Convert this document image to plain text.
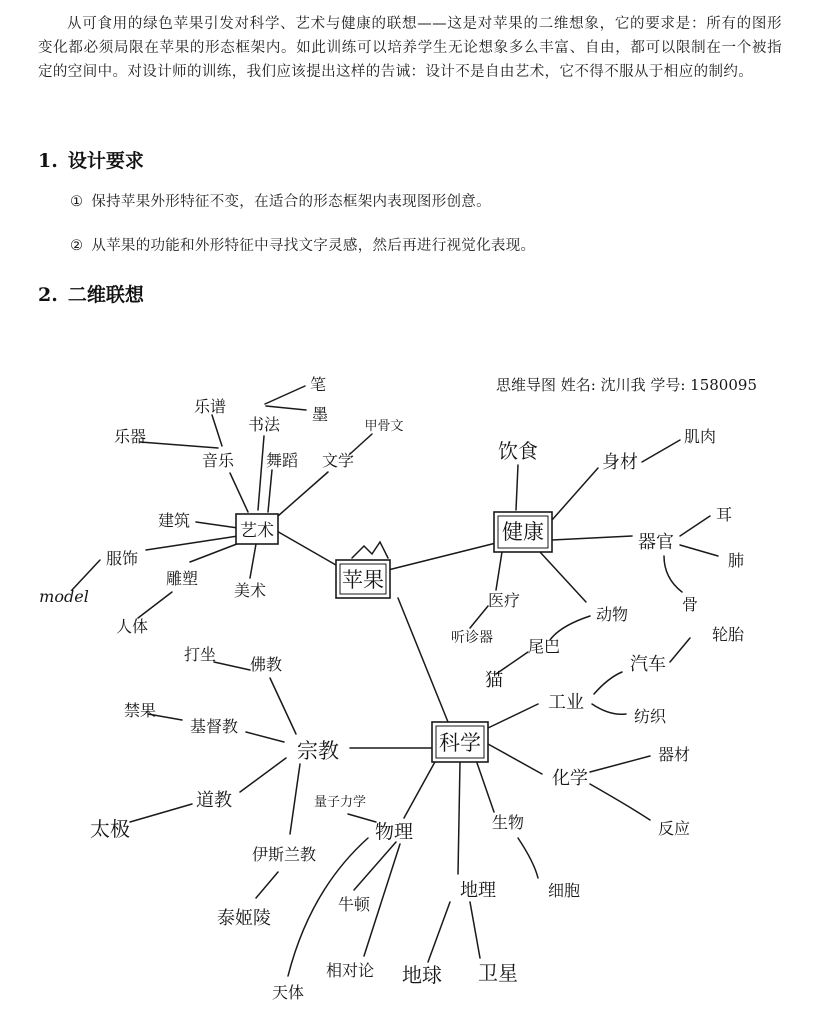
从可食用的绿色苹果引发对科学、艺术与健康的联想——这是对苹果的二维想象，它的要求是：所有的图形变化都必须局限在苹果的形态框架内。如此训练可以培养学生无论想象多么丰富、自由，都可以限制在一个被指定的空间中。对设计师的训练，我们应该提出这样的告诫：设计不是自由艺术，它不得不服从于相应的制约。

1. 设计要求

① 保持苹果外形特征不变，在适合的形态框架内表现图形创意。

② 从苹果的功能和外形特征中寻找文字灵感，然后再进行视觉化表现。

2. 二维联想
思维导图 姓名: 沈川我 学号: 1580095
苹果
艺术	健康
科学
宗教
音乐
乐器
乐谱
书法
笔
墨
舞蹈 文学
甲骨文
建筑
服饰
model
雕塑
人体
美术
饮食	身材
肌肉
器官
耳
肺
骨
医疗
听诊器
动物
尾巴
猫
工业
汽车
轮胎
纺织
化学
器材
反应
生物
细胞
地理
地球 卫星
物理
量子力学
牛顿
相对论
天体
佛教
打坐
基督教
禁果
道教
太极
伊斯兰教
泰姬陵
